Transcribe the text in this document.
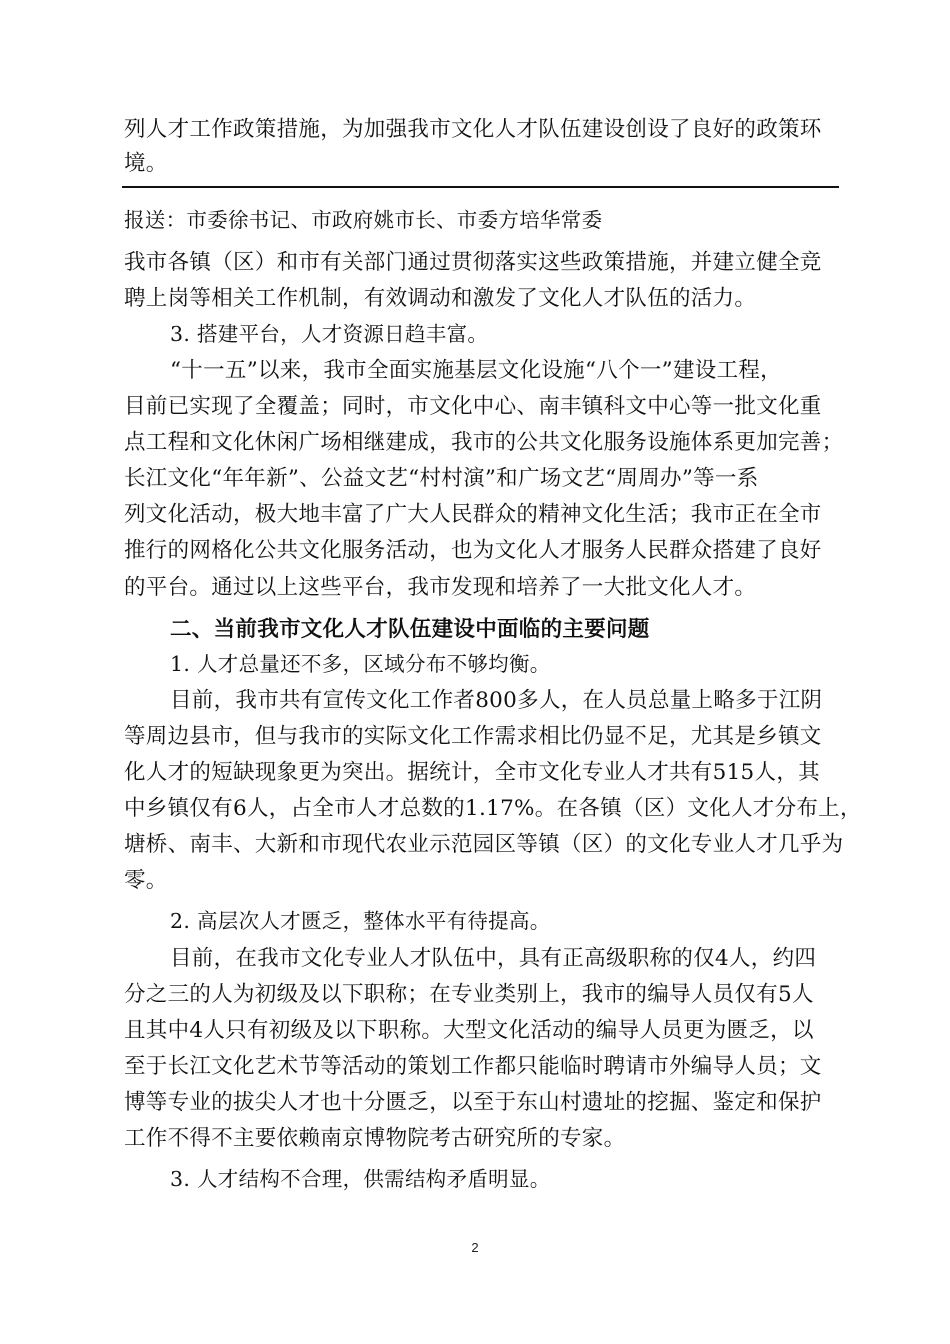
列人才工作政策措施，为加强我市文化人才队伍建设创设了良好的政策环
境。
报送：市委徐书记、市政府姚市长、市委方培华常委
我市各镇（区）和市有关部门通过贯彻落实这些政策措施，并建立健全竞
聘上岗等相关工作机制，有效调动和激发了文化人才队伍的活力。
3. 搭建平台，人才资源日趋丰富。
“十一五”以来，我市全面实施基层文化设施“八个一”建设工程，
目前已实现了全覆盖；同时，市文化中心、南丰镇科文中心等一批文化重
点工程和文化休闲广场相继建成，我市的公共文化服务设施体系更加完善；
长江文化“年年新”、公益文艺“村村演”和广场文艺“周周办”等一系
列文化活动，极大地丰富了广大人民群众的精神文化生活；我市正在全市
推行的网格化公共文化服务活动，也为文化人才服务人民群众搭建了良好
的平台。通过以上这些平台，我市发现和培养了一大批文化人才。
二、当前我市文化人才队伍建设中面临的主要问题
1. 人才总量还不多，区域分布不够均衡。
目前，我市共有宣传文化工作者800多人，在人员总量上略多于江阴
等周边县市，但与我市的实际文化工作需求相比仍显不足，尤其是乡镇文
化人才的短缺现象更为突出。据统计，全市文化专业人才共有515人，其
中乡镇仅有6人，占全市人才总数的1.17%。在各镇（区）文化人才分布上，
塘桥、南丰、大新和市现代农业示范园区等镇（区）的文化专业人才几乎为
零。
2. 高层次人才匮乏，整体水平有待提高。
目前，在我市文化专业人才队伍中，具有正高级职称的仅4人，约四
分之三的人为初级及以下职称；在专业类别上，我市的编导人员仅有5人
且其中4人只有初级及以下职称。大型文化活动的编导人员更为匮乏，以
至于长江文化艺术节等活动的策划工作都只能临时聘请市外编导人员；文
博等专业的拔尖人才也十分匮乏，以至于东山村遗址的挖掘、鉴定和保护
工作不得不主要依赖南京博物院考古研究所的专家。
3. 人才结构不合理，供需结构矛盾明显。
2
